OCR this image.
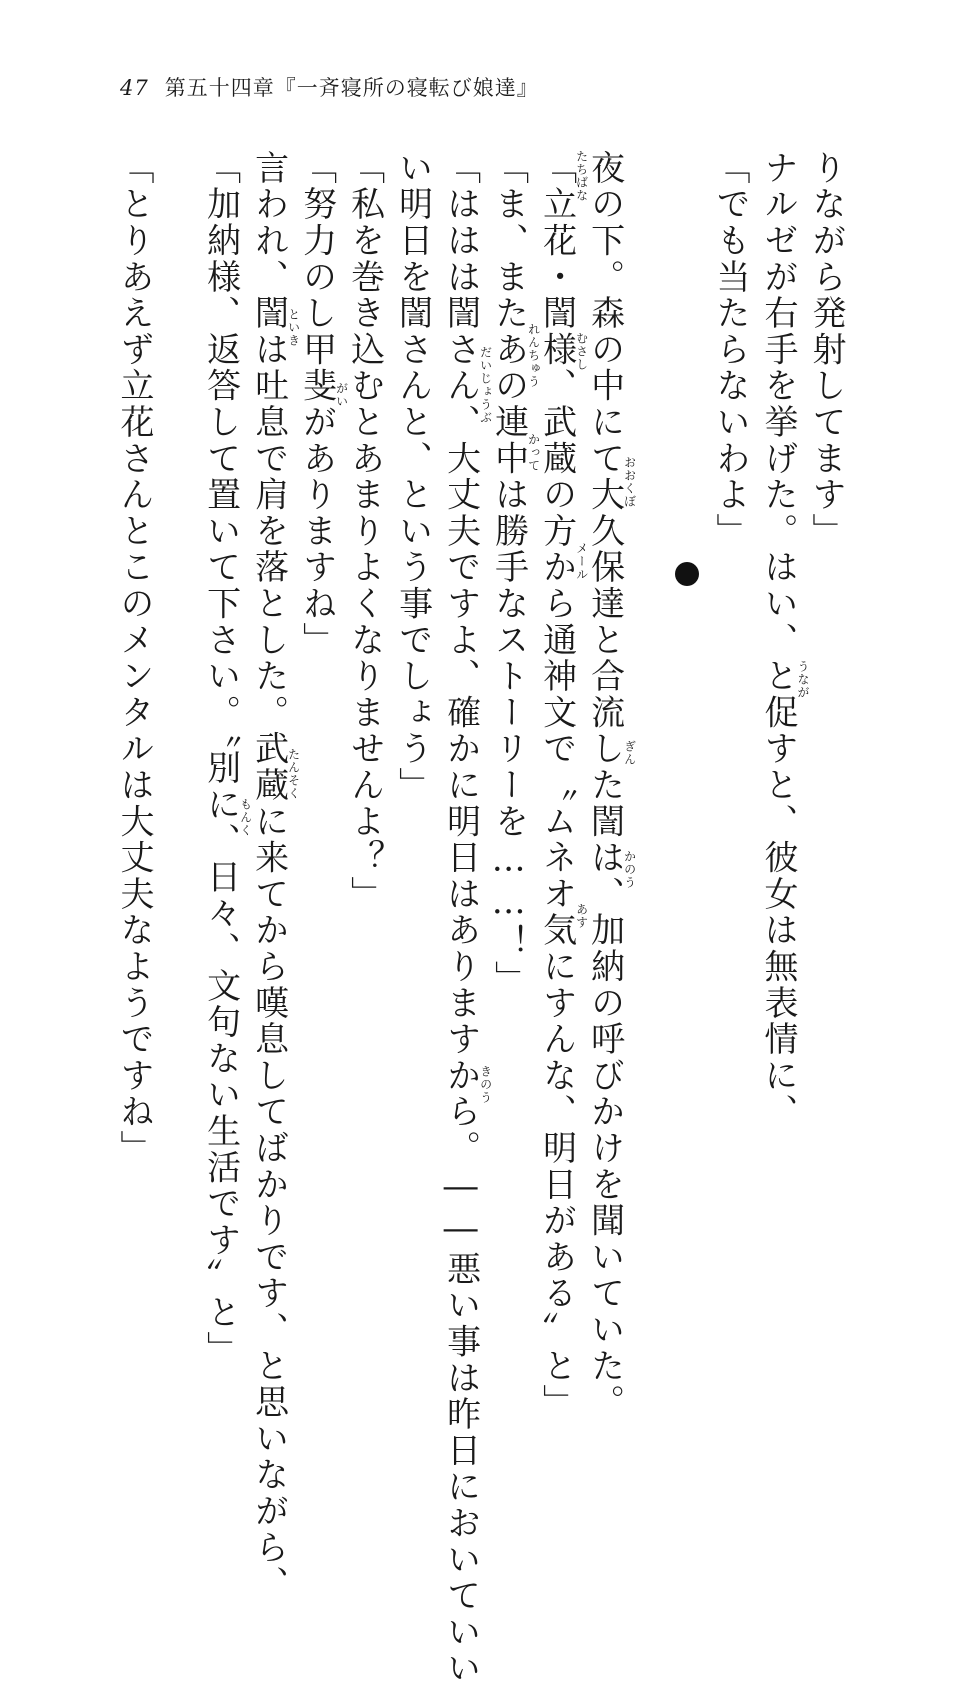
47 第五十四章『一斉寝所の寝転び娘達』
りながら発射してます」
ナルゼが右手を挙げた。はい、と促すと、彼女は無表情に、
うなが
「でも当たらないわよ」
夜の下。森の中にて大久保達と合流した誾は、加納の呼びかけを聞いていた。
おおくぼ
ぎん
かのう
「立花・誾様、武蔵の方から通神文で〝ムネオ気にすんな、明日がある〟と」
たちばな
むさし
メール
あす
「ま、またあの連中は勝手なストーリーを……！」
れんちゅう
かって
「ははは誾さん、大丈夫ですよ、確かに明日はありますから。――悪い事は昨日においていい
だいじょうぶ
きのう
い明日を誾さんと、という事でしょう」
「私を巻き込むとあまりよくなりませんよ？」
「努力のし甲斐がありますね」
がい
言われ、誾は吐息で肩を落とした。武蔵に来てから嘆息してばかりです、と思いながら、
といき
たんそく
「加納様、返答して置いて下さい。〝別に、日々、文句ない生活です〟と」
もんく
「とりあえず立花さんとこのメンタルは大丈夫なようですね」
